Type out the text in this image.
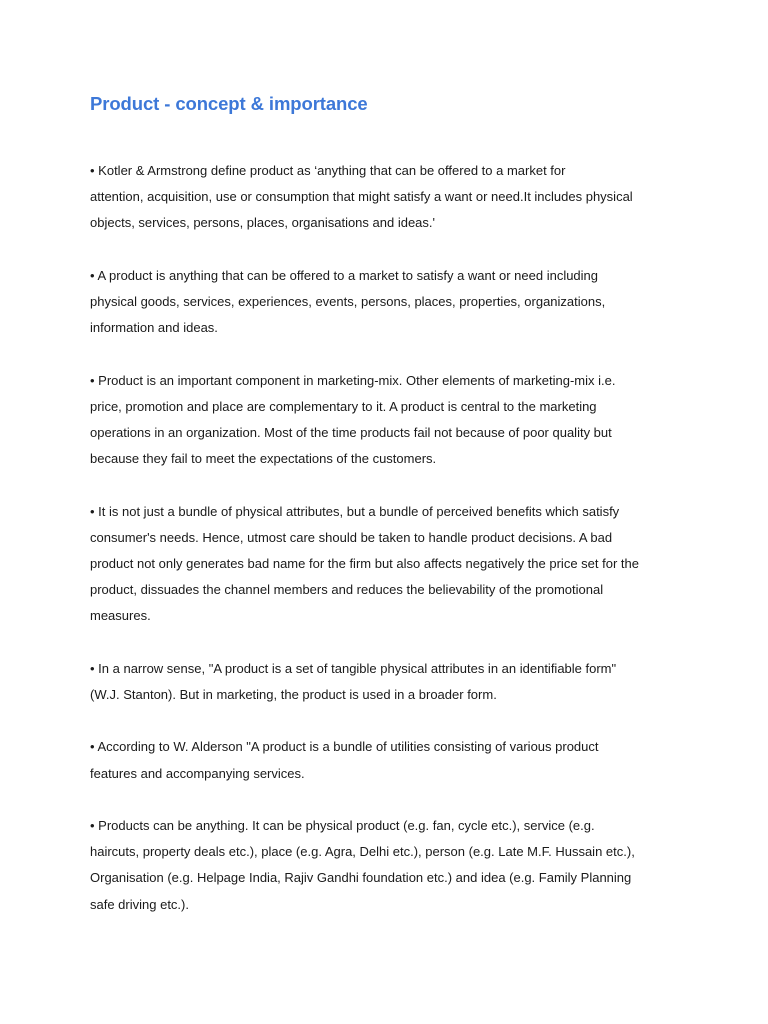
Product - concept & importance

• Kotler & Armstrong define product as ‘anything that can be offered to a market for
attention, acquisition, use or consumption that might satisfy a want or need.It includes physical
objects, services, persons, places, organisations and ideas.'

• A product is anything that can be offered to a market to satisfy a want or need including
physical goods, services, experiences, events, persons, places, properties, organizations,
information and ideas.

• Product is an important component in marketing-mix. Other elements of marketing-mix i.e.
price, promotion and place are complementary to it. A product is central to the marketing
operations in an organization. Most of the time products fail not because of poor quality but
because they fail to meet the expectations of the customers.

• It is not just a bundle of physical attributes, but a bundle of perceived benefits which satisfy
consumer's needs. Hence, utmost care should be taken to handle product decisions. A bad
product not only generates bad name for the firm but also affects negatively the price set for the
product, dissuades the channel members and reduces the believability of the promotional
measures.

• In a narrow sense, "A product is a set of tangible physical attributes in an identifiable form"
(W.J. Stanton). But in marketing, the product is used in a broader form.

• According to W. Alderson "A product is a bundle of utilities consisting of various product
features and accompanying services.

• Products can be anything. It can be physical product (e.g. fan, cycle etc.), service (e.g.
haircuts, property deals etc.), place (e.g. Agra, Delhi etc.), person (e.g. Late M.F. Hussain etc.),
Organisation (e.g. Helpage India, Rajiv Gandhi foundation etc.) and idea (e.g. Family Planning
safe driving etc.).
